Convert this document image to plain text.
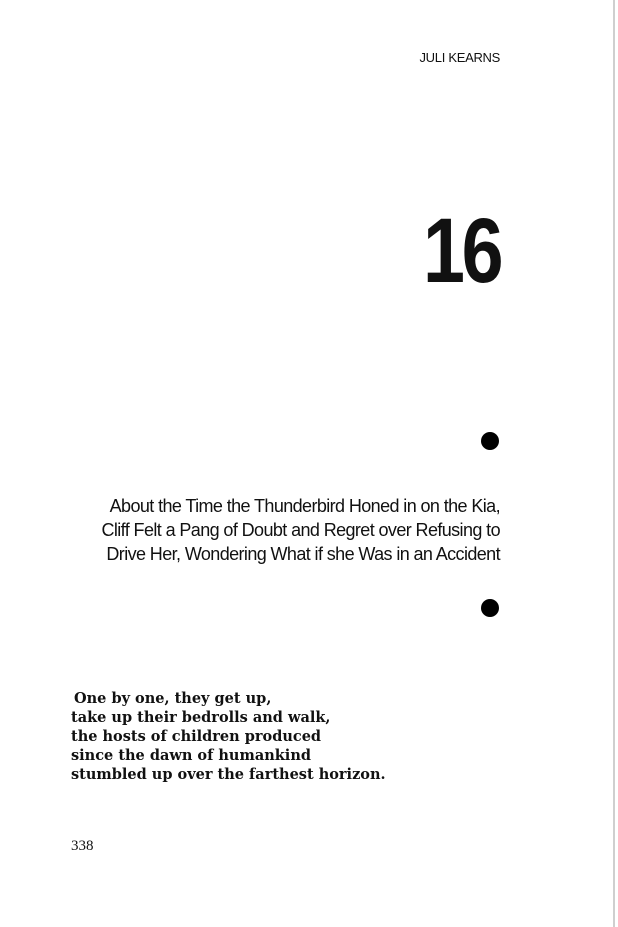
JULI KEARNS
16
About the Time the Thunderbird Honed in on the Kia,
Cliff Felt a Pang of Doubt and Regret over Refusing to
Drive Her, Wondering What if she Was in an Accident
One by one, they get up,
take up their bedrolls and walk,
the hosts of children produced
since the dawn of humankind
stumbled up over the farthest horizon.
338
